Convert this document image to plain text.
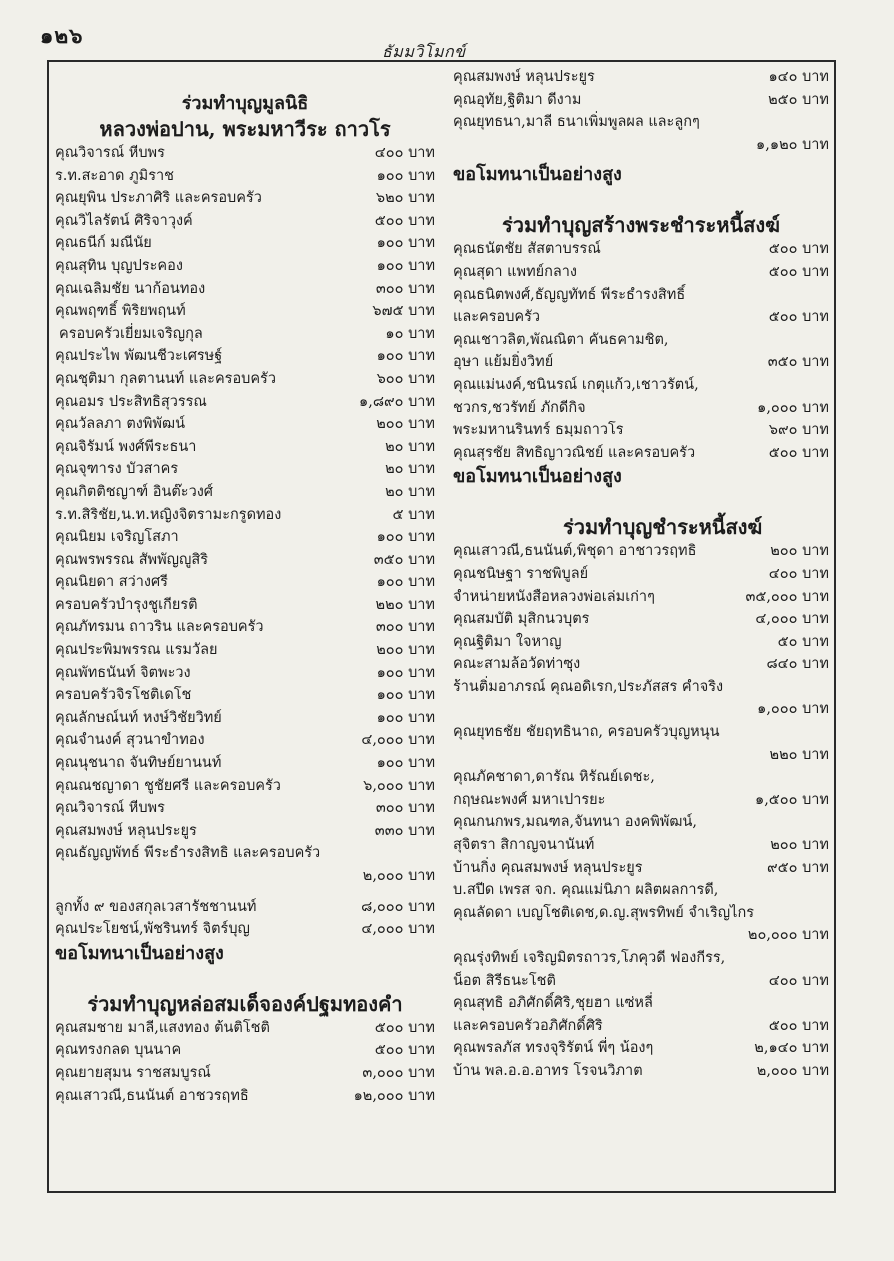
๑๒๖
ธัมมวิโมกข์
ร่วมทำบุญมูลนิธิ
หลวงพ่อปาน, พระมหาวีระ ถาวโร
คุณวิจารณ์ หีบพร	๔๐๐ บาท
ร.ท.สะอาด ภูมิราช	๑๐๐ บาท
คุณยุพิน ประภาศิริ และครอบครัว	๖๒๐ บาท
คุณวิไลรัตน์ ศิริจาวุงค์	๕๐๐ บาท
คุณธนีก์ มณีนัย	๑๐๐ บาท
คุณสุทิน บุญประคอง	๑๐๐ บาท
คุณเฉลิมชัย นาก้อนทอง	๓๐๐ บาท
คุณพฤฑธิ์ พิริยพฤนท์	๖๗๕ บาท
ครอบครัวเยี่ยมเจริญกุล	๑๐ บาท
คุณประไพ พัฒนชีวะเศรษฐ์	๑๐๐ บาท
คุณชุติมา กุลตานนท์ และครอบครัว	๖๐๐ บาท
คุณอมร ประสิทธิสุวรรณ	๑,๘๙๐ บาท
คุณวัลลภา ตงพิพัฒน์	๒๐๐ บาท
คุณจิรัมน์ พงศ์พีระธนา	๒๐ บาท
คุณจุฑารง บัวสาคร	๒๐ บาท
คุณกิตติชญาฑ์ อินต๊ะวงศ์	๒๐ บาท
ร.ท.สิริชัย,น.ท.หญิงจิตรามะกรูดทอง	๕ บาท
คุณนิยม เจริญโสภา	๑๐๐ บาท
คุณพรพรรณ สัพพัญญูสิริ	๓๕๐ บาท
คุณนิยดา สว่างศรี	๑๐๐ บาท
ครอบครัวบำรุงชูเกียรติ	๒๒๐ บาท
คุณภัทรมน ถาวริน และครอบครัว	๓๐๐ บาท
คุณประพิมพรรณ แรมวัลย	๒๐๐ บาท
คุณพัทธนันท์ จิตพะวง	๑๐๐ บาท
ครอบครัวจิรโชติเดโช	๑๐๐ บาท
คุณลักษณ์นท์ หงษ์วิชัยวิทย์	๑๐๐ บาท
คุณจำนงค์ สุวนาขำทอง	๔,๐๐๐ บาท
คุณนุชนาถ จันทิษย์ยานนท์	๑๐๐ บาท
คุณณชญาดา ชูชัยศรี และครอบครัว	๖,๐๐๐ บาท
คุณวิจารณ์ หีบพร	๓๐๐ บาท
คุณสมพงษ์ หลุนประยูร	๓๓๐ บาท
คุณธัญญพัทธ์ พีระธำรงสิทธิ และครอบครัว
๒,๐๐๐ บาท
ลูกทั้ง ๙ ของสกุลเวสารัชชานนท์	๘,๐๐๐ บาท
คุณประโยชน์,พัชรินทร์ จิตร์บุญ	๔,๐๐๐ บาท
ขอโมทนาเป็นอย่างสูง
ร่วมทำบุญหล่อสมเด็จองค์ปฐมทองคำ
คุณสมชาย มาลี,แสงทอง ต้นติโชติ	๕๐๐ บาท
คุณทรงกลด บุนนาค	๕๐๐ บาท
คุณยายสุมน ราชสมบูรณ์	๓,๐๐๐ บาท
คุณเสาวณี,ธนนันต์ อาชวรฤทธิ	๑๒,๐๐๐ บาท
คุณสมพงษ์ หลุนประยูร	๑๔๐ บาท
คุณอุทัย,ฐิติมา ดีงาม	๒๕๐ บาท
คุณยุทธนา,มาลี ธนาเพิ่มพูลผล และลูกๆ
๑,๑๒๐ บาท
ขอโมทนาเป็นอย่างสูง
ร่วมทำบุญสร้างพระชำระหนี้สงฆ์
คุณธนัตชัย สัสตาบรรณ์	๕๐๐ บาท
คุณสุดา แพทย์กลาง	๕๐๐ บาท
คุณธนิตพงศ์,ธัญญทัทธ์ พีระธำรงสิทธิ์
และครอบครัว	๕๐๐ บาท
คุณเชาวลิต,พัณณิตา คันธคามชิต,
อุษา แย้มยิ่งวิทย์	๓๕๐ บาท
คุณแม่นงค์,ชนินรณ์ เกตุแก้ว,เชาวรัตน์,
ชวกร,ชวรัทย์ ภักดีกิจ	๑,๐๐๐ บาท
พระมหานรินทร์ ธมฺมถาวโร	๖๙๐ บาท
คุณสุรชัย สิทธิญาวณิชย์ และครอบครัว	๕๐๐ บาท
ขอโมทนาเป็นอย่างสูง
ร่วมทำบุญชำระหนี้สงฆ์
คุณเสาวณี,ธนนันต์,พิชุดา อาชาวรฤทธิ	๒๐๐ บาท
คุณชนิษฐา ราชพิบูลย์	๔๐๐ บาท
จำหน่ายหนังสือหลวงพ่อเล่มเก่าๆ	๓๕,๐๐๐ บาท
คุณสมบัติ มุสิกนวบุตร	๔,๐๐๐ บาท
คุณฐิติมา ใจหาญ	๕๐ บาท
คณะสามล้อวัดท่าซุง	๘๔๐ บาท
ร้านติ่มอาภรณ์ คุณอดิเรก,ประภัสสร คำจริง
๑,๐๐๐ บาท
คุณยุทธชัย ชัยฤทธินาถ, ครอบครัวบุญหนุน
๒๒๐ บาท
คุณภัคชาดา,ดารัณ หิรัณย์เดชะ,
กฤษณะพงศ์ มหาเปารยะ	๑,๕๐๐ บาท
คุณกนกพร,มณฑล,จันทนา องคพิพัฒน์,
สุจิตรา สิกาญจนานันท์	๒๐๐ บาท
บ้านกิ่ง คุณสมพงษ์ หลุนประยูร	๙๕๐ บาท
บ.สปีด เพรส จก. คุณแม่นิภา ผลิตผลการดี,
คุณลัดดา เบญโชติเดช,ด.ญ.สุพรทิพย์ จำเริญไกร
๒๐,๐๐๐ บาท
คุณรุ่งทิพย์ เจริญมิตรถาวร,โภคุวดี ฟองกีรร,
น็อต สิรีธนะโชติ	๔๐๐ บาท
คุณสุทธิ อภิศักดิ์ศิริ,ชุยฮา แซ่หลี่
และครอบครัวอภิศักดิ์ศิริ	๕๐๐ บาท
คุณพรลภัส ทรงจุริรัตน์ พี่ๆ น้องๆ	๒,๑๔๐ บาท
บ้าน พล.อ.อ.อาทร โรจนวิภาต	๒,๐๐๐ บาท
